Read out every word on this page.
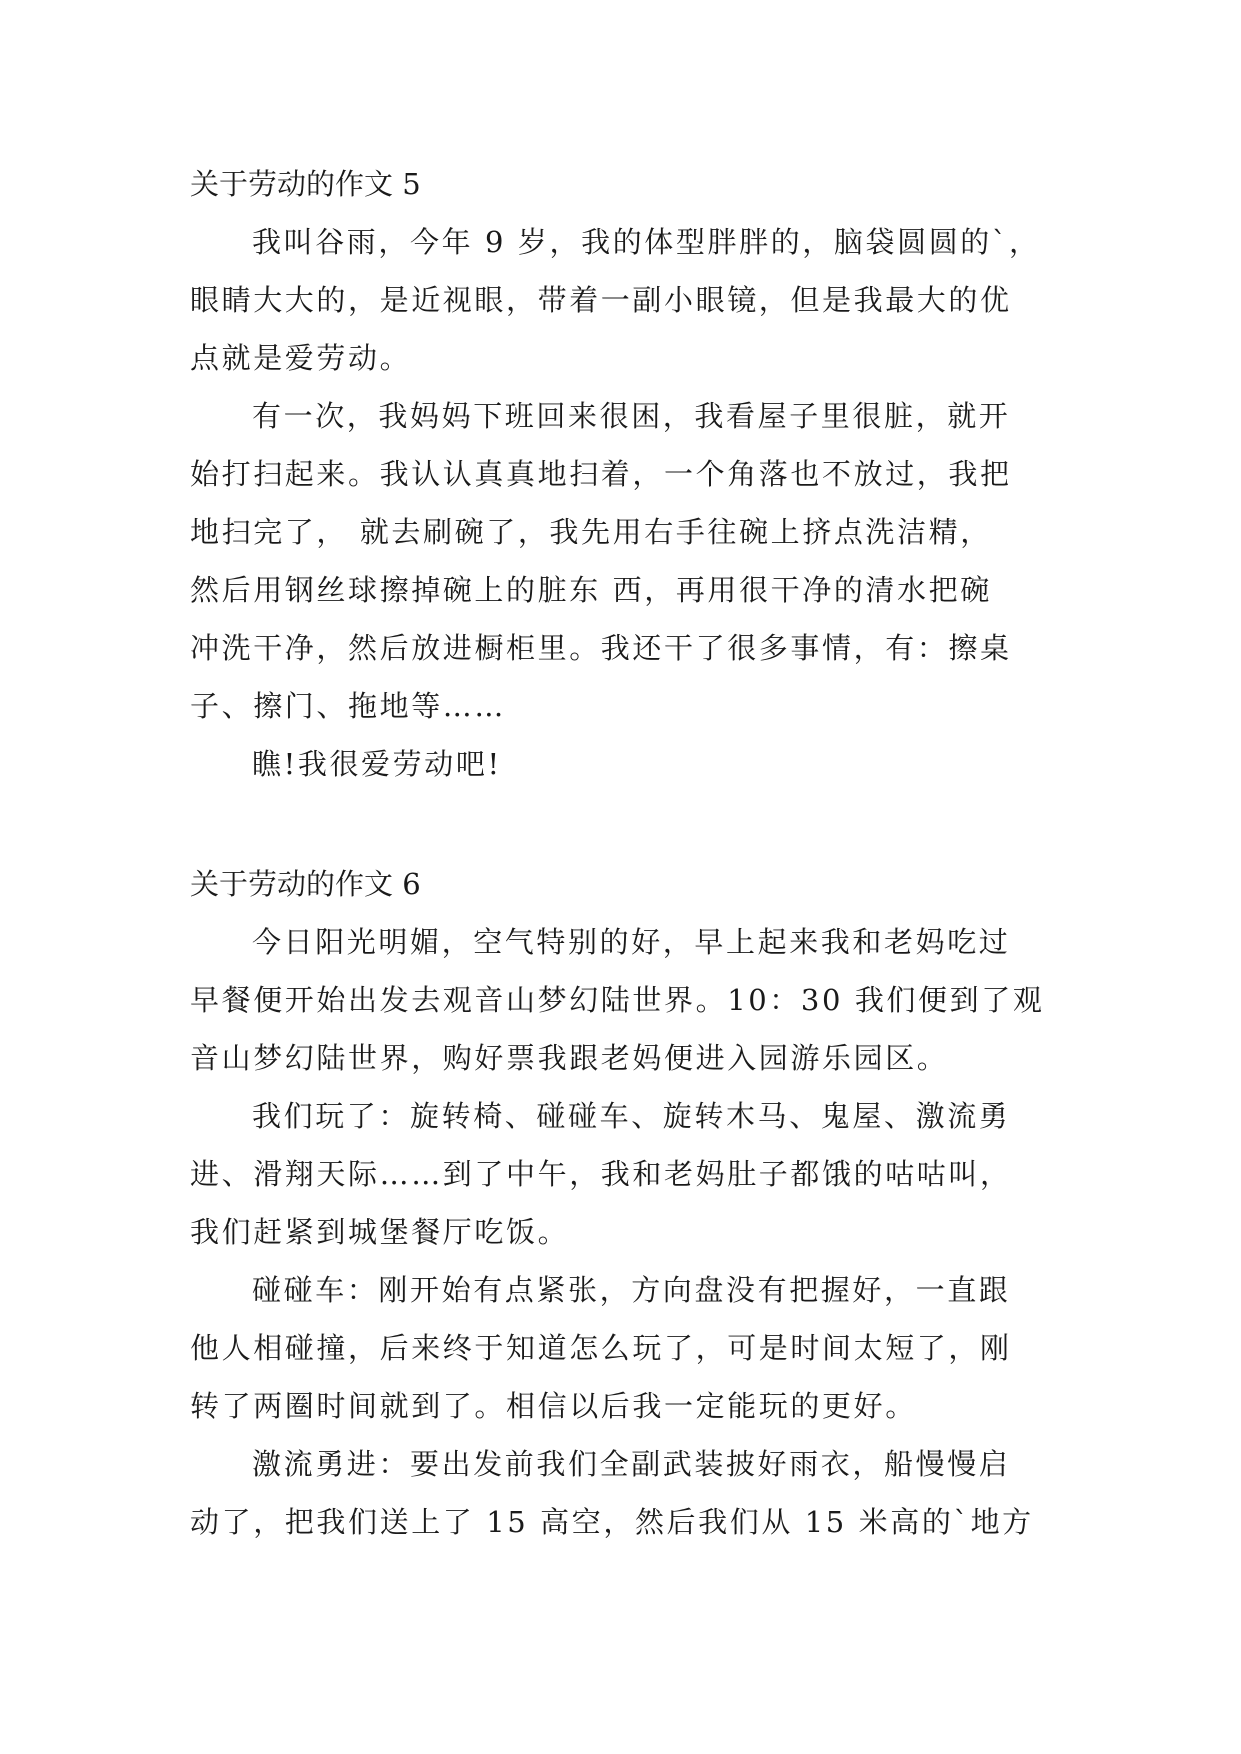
关于劳动的作文 5
我叫谷雨，今年 9 岁，我的体型胖胖的，脑袋圆圆的`，
眼睛大大的，是近视眼，带着一副小眼镜，但是我最大的优
点就是爱劳动。
有一次，我妈妈下班回来很困，我看屋子里很脏，就开
始打扫起来。我认认真真地扫着，一个角落也不放过，我把
地扫完了， 就去刷碗了，我先用右手往碗上挤点洗洁精，
然后用钢丝球擦掉碗上的脏东 西，再用很干净的清水把碗
冲洗干净，然后放进橱柜里。我还干了很多事情，有：擦桌
子、擦门、拖地等……
瞧!我很爱劳动吧!
关于劳动的作文 6
今日阳光明媚，空气特别的好，早上起来我和老妈吃过
早餐便开始出发去观音山梦幻陆世界。10：30 我们便到了观
音山梦幻陆世界，购好票我跟老妈便进入园游乐园区。
我们玩了：旋转椅、碰碰车、旋转木马、鬼屋、激流勇
进、滑翔天际……到了中午，我和老妈肚子都饿的咕咕叫，
我们赶紧到城堡餐厅吃饭。
碰碰车：刚开始有点紧张，方向盘没有把握好，一直跟
他人相碰撞，后来终于知道怎么玩了，可是时间太短了，刚
转了两圈时间就到了。相信以后我一定能玩的更好。
激流勇进：要出发前我们全副武装披好雨衣，船慢慢启
动了，把我们送上了 15 高空，然后我们从 15 米高的`地方
